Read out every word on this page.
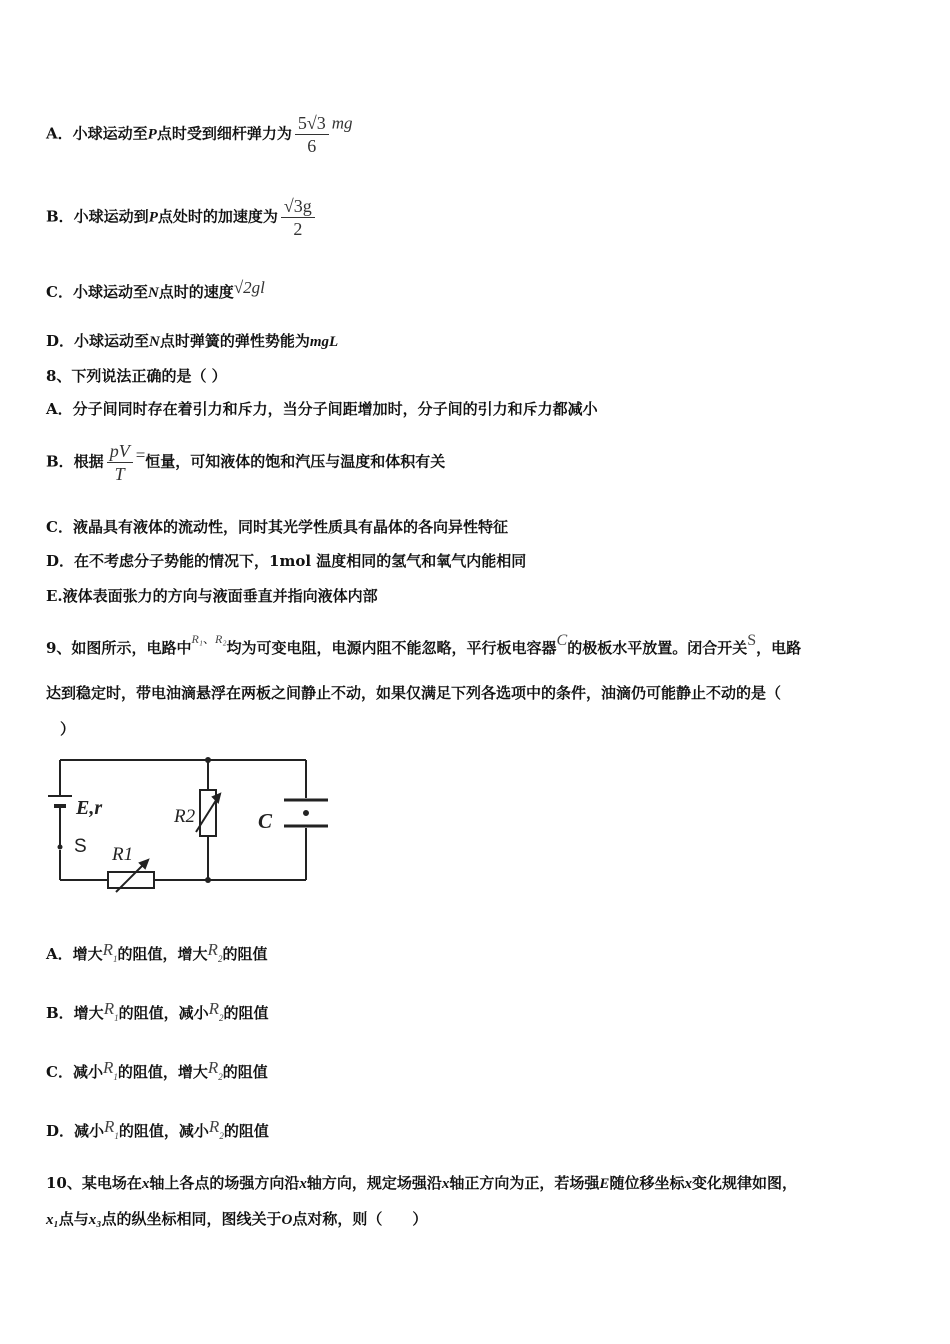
A．小球运动至P点时受到细杆弹力为 $\frac{5√3}{6}$ mg
B．小球运动到P点处时的加速度为 $\frac{√3g}{2}$
C．小球运动至N点时的速度√2gl
D．小球运动至N点时弹簧的弹性势能为mgL
8、下列说法正确的是（ ）
A．分子间同时存在着引力和斥力，当分子间距增加时，分子间的引力和斥力都减小
B．根据 $\frac{pV}{T}$ =恒量，可知液体的饱和汽压与温度和体积有关
C．液晶具有液体的流动性，同时其光学性质具有晶体的各向异性特征
D．在不考虑分子势能的情况下，1mol 温度相同的氢气和氧气内能相同
E.液体表面张力的方向与液面垂直并指向液体内部
9、如图所示，电路中$^{R_1、R_2}$均为可变电阻，电源内阻不能忽略，平行板电容器C的极板水平放置。闭合开关S，电路
达到稳定时，带电油滴悬浮在两板之间静止不动，如果仅满足下列各选项中的条件，油滴仍可能静止不动的是（
）
E,r
S R1
R2	C
A．增大$R_1$的阻值，增大$R_2$的阻值
B．增大$R_1$的阻值，减小$R_2$的阻值
C．减小$R_1$的阻值，增大$R_2$的阻值
D．减小$R_1$的阻值，减小$R_2$的阻值
10、某电场在x轴上各点的场强方向沿x轴方向，规定场强沿x轴正方向为正，若场强E随位移坐标x变化规律如图，
x₁点与x₃点的纵坐标相同，图线关于O点对称，则（　　）
